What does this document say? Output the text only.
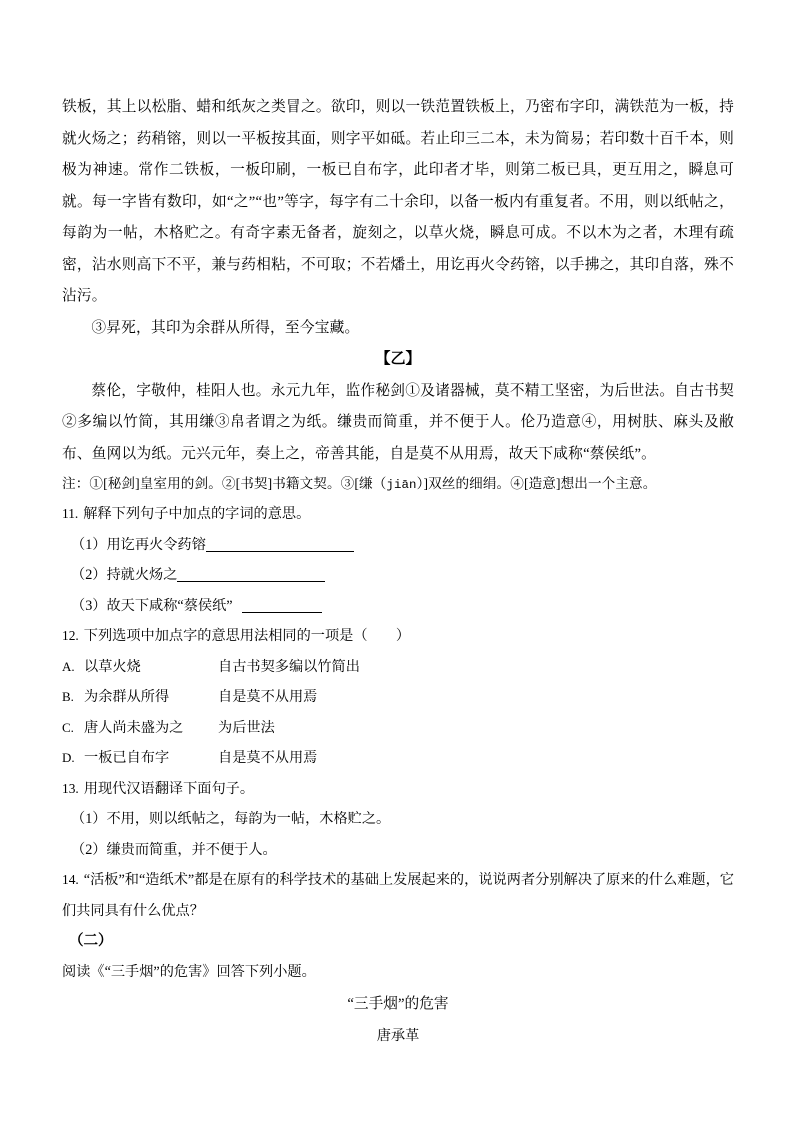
铁板，其上以松脂、蜡和纸灰之类冒之。欲印，则以一铁范置铁板上，乃密布字印，满铁范为一板，持就火炀之；药稍镕，则以一平板按其面，则字平如砥。若止印三二本，未为简易；若印数十百千本，则极为神速。常作二铁板，一板印刷，一板已自布字，此印者才毕，则第二板已具，更互用之，瞬息可就。每一字皆有数印，如“之”“也”等字，每字有二十余印，以备一板内有重复者。不用，则以纸帖之，每韵为一帖，木格贮之。有奇字素无备者，旋刻之，以草火烧，瞬息可成。不以木为之者，木理有疏密，沾水则高下不平，兼与药相粘，不可取；不若燔土，用讫再火令药镕，以手拂之，其印自落，殊不沾污。

③昇死，其印为余群从所得，至今宝藏。

【乙】

蔡伦，字敬仲，桂阳人也。永元九年，监作秘剑①及诸器械，莫不精工坚密，为后世法。自古书契②多编以竹简，其用缣③帛者谓之为纸。缣贵而简重，并不便于人。伦乃造意④，用树肤、麻头及敝布、鱼网以为纸。元兴元年，奏上之，帝善其能，自是莫不从用焉，故天下咸称“蔡侯纸”。

注：①[秘剑]皇室用的剑。②[书契]书籍文契。③[缣（jiān）]双丝的细绢。④[造意]想出一个主意。

11. 解释下列句子中加点的字词的意思。

（1）用讫再火令药镕

（2）持就火炀之

（3）故天下咸称“蔡侯纸”

12. 下列选项中加点字的意思用法相同的一项是（　　）

A. 以草火烧	自古书契多编以竹简出
B. 为余群从所得	自是莫不从用焉
C. 唐人尚未盛为之	为后世法
D. 一板已自布字	自是莫不从用焉

13. 用现代汉语翻译下面句子。

（1）不用，则以纸帖之，每韵为一帖，木格贮之。

（2）缣贵而简重，并不便于人。

14. “活板”和“造纸术”都是在原有的科学技术的基础上发展起来的，说说两者分别解决了原来的什么难题，它们共同具有什么优点？

（二）

阅读《“三手烟”的危害》回答下列小题。

“三手烟”的危害

唐承革
